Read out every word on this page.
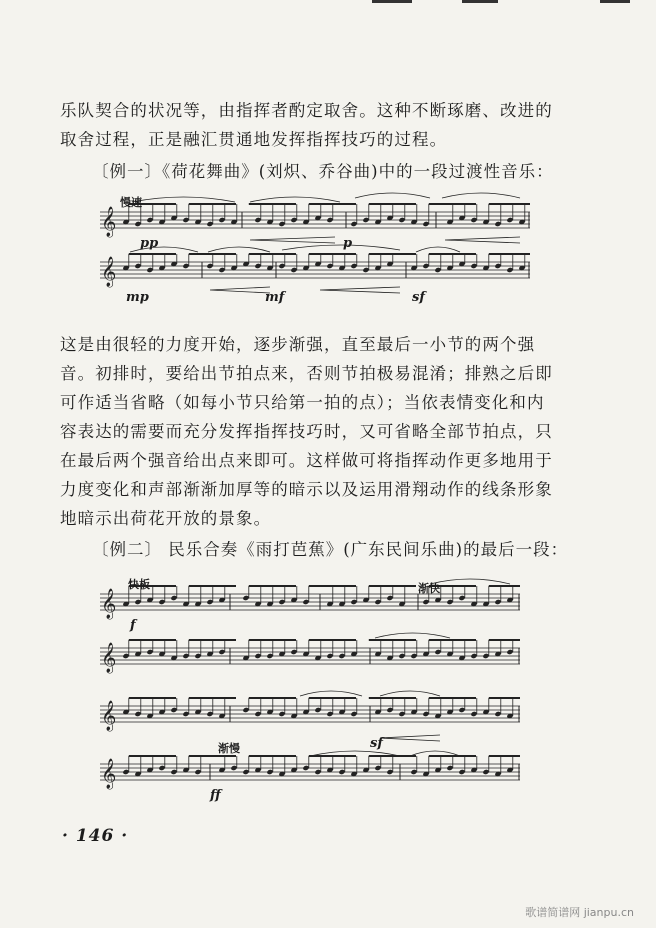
乐队契合的状况等，由指挥者酌定取舍。这种不断琢磨、改进的
取舍过程，正是融汇贯通地发挥指挥技巧的过程。

〔例一〕《荷花舞曲》(刘炽、乔谷曲)中的一段过渡性音乐：

𝄞
𝄞
慢速
pp	p
mp	mf	sf

这是由很轻的力度开始，逐步渐强，直至最后一小节的两个强
音。初排时，要给出节拍点来，否则节拍极易混淆；排熟之后即
可作适当省略（如每小节只给第一拍的点）；当依表情变化和内
容表达的需要而充分发挥指挥技巧时，又可省略全部节拍点，只
在最后两个强音给出点来即可。这样做可将指挥动作更多地用于
力度变化和声部渐渐加厚等的暗示以及运用滑翔动作的线条形象
地暗示出荷花开放的景象。

〔例二〕 民乐合奏《雨打芭蕉》(广东民间乐曲)的最后一段：

𝄞
𝄞
𝄞
𝄞
快板	渐快
渐慢
f
sf
ff
· 146 ·
歌谱简谱网 jianpu.cn
